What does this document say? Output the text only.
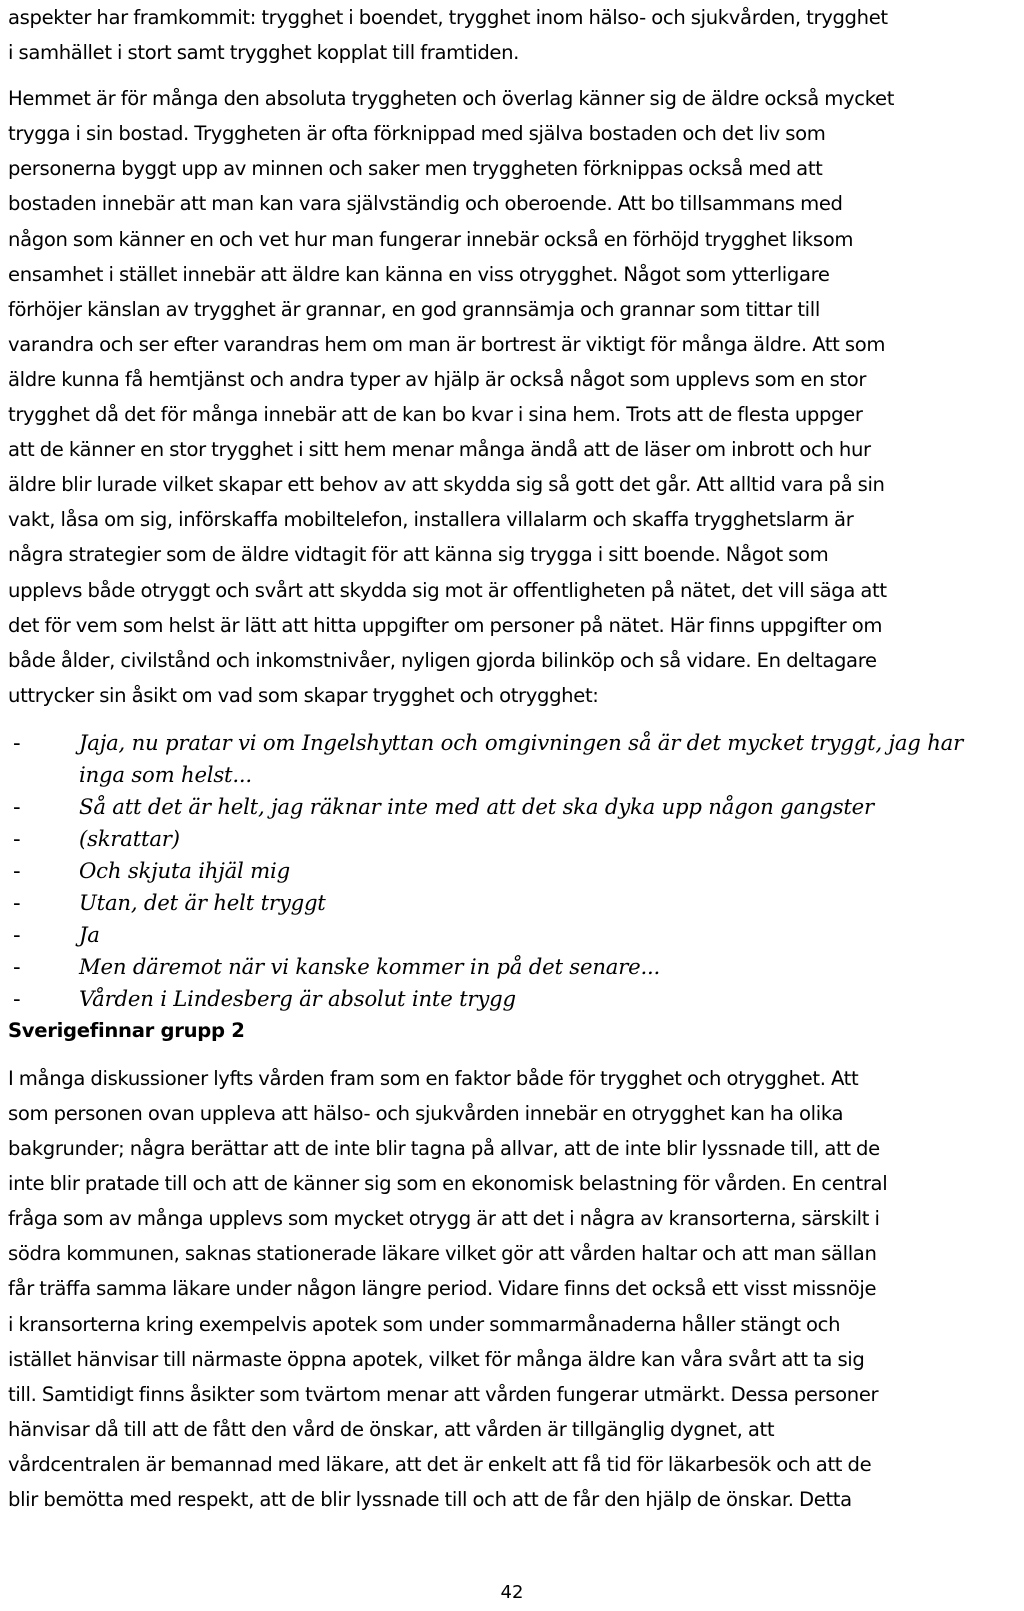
aspekter har framkommit: trygghet i boendet, trygghet inom hälso- och sjukvården, trygghet
i samhället i stort samt trygghet kopplat till framtiden.

Hemmet är för många den absoluta tryggheten och överlag känner sig de äldre också mycket
trygga i sin bostad. Tryggheten är ofta förknippad med själva bostaden och det liv som
personerna byggt upp av minnen och saker men tryggheten förknippas också med att
bostaden innebär att man kan vara självständig och oberoende. Att bo tillsammans med
någon som känner en och vet hur man fungerar innebär också en förhöjd trygghet liksom
ensamhet i stället innebär att äldre kan känna en viss otrygghet. Något som ytterligare
förhöjer känslan av trygghet är grannar, en god grannsämja och grannar som tittar till
varandra och ser efter varandras hem om man är bortrest är viktigt för många äldre. Att som
äldre kunna få hemtjänst och andra typer av hjälp är också något som upplevs som en stor
trygghet då det för många innebär att de kan bo kvar i sina hem. Trots att de flesta uppger
att de känner en stor trygghet i sitt hem menar många ändå att de läser om inbrott och hur
äldre blir lurade vilket skapar ett behov av att skydda sig så gott det går. Att alltid vara på sin
vakt, låsa om sig, införskaffa mobiltelefon, installera villalarm och skaffa trygghetslarm är
några strategier som de äldre vidtagit för att känna sig trygga i sitt boende. Något som
upplevs både otryggt och svårt att skydda sig mot är offentligheten på nätet, det vill säga att
det för vem som helst är lätt att hitta uppgifter om personer på nätet. Här finns uppgifter om
både ålder, civilstånd och inkomstnivåer, nyligen gjorda bilinköp och så vidare. En deltagare
uttrycker sin åsikt om vad som skapar trygghet och otrygghet:

-	Jaja, nu pratar vi om Ingelshyttan och omgivningen så är det mycket tryggt, jag har
inga som helst...
-	Så att det är helt, jag räknar inte med att det ska dyka upp någon gangster
-	(skrattar)
-	Och skjuta ihjäl mig
-	Utan, det är helt tryggt
-	Ja
-	Men däremot när vi kanske kommer in på det senare...
-	Vården i Lindesberg är absolut inte trygg

Sverigefinnar grupp 2

I många diskussioner lyfts vården fram som en faktor både för trygghet och otrygghet. Att
som personen ovan uppleva att hälso- och sjukvården innebär en otrygghet kan ha olika
bakgrunder; några berättar att de inte blir tagna på allvar, att de inte blir lyssnade till, att de
inte blir pratade till och att de känner sig som en ekonomisk belastning för vården. En central
fråga som av många upplevs som mycket otrygg är att det i några av kransorterna, särskilt i
södra kommunen, saknas stationerade läkare vilket gör att vården haltar och att man sällan
får träffa samma läkare under någon längre period. Vidare finns det också ett visst missnöje
i kransorterna kring exempelvis apotek som under sommarmånaderna håller stängt och
istället hänvisar till närmaste öppna apotek, vilket för många äldre kan våra svårt att ta sig
till. Samtidigt finns åsikter som tvärtom menar att vården fungerar utmärkt. Dessa personer
hänvisar då till att de fått den vård de önskar, att vården är tillgänglig dygnet, att
vårdcentralen är bemannad med läkare, att det är enkelt att få tid för läkarbesök och att de
blir bemötta med respekt, att de blir lyssnade till och att de får den hjälp de önskar. Detta

42
